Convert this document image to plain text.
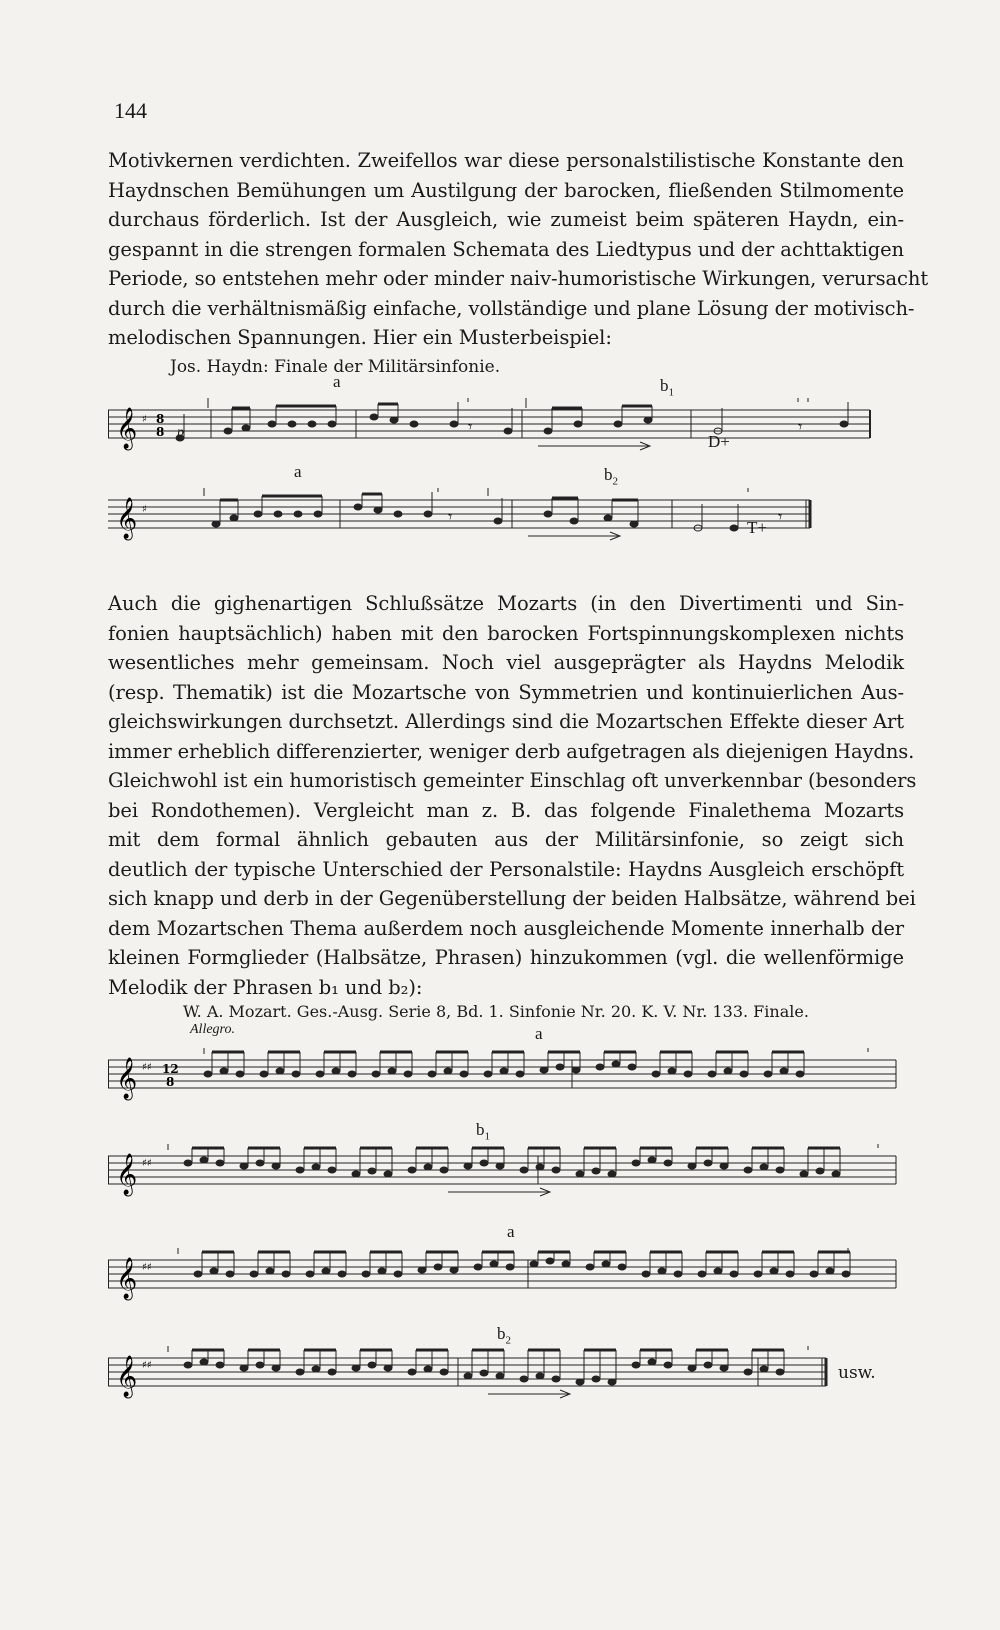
144
Motivkernen verdichten. Zweifellos war diese personalstilistische Konstante den
Haydnschen Bemühungen um Austilgung der barocken, fließenden Stilmomente
durchaus förderlich. Ist der Ausgleich, wie zumeist beim späteren Haydn, ein-
gespannt in die strengen formalen Schemata des Liedtypus und der achttaktigen
Periode, so entstehen mehr oder minder naiv-humoristische Wirkungen, verursacht
durch die verhältnismäßig einfache, vollständige und plane Lösung der motivisch-
melodischen Spannungen. Hier ein Musterbeispiel:
Jos. Haydn: Finale der Militärsinfonie.
a	$b_1$
𝄞 ♯ 8
8	𝄾	𝄾
p	D+
a	$b_2$
𝄞 ♯	𝄾	𝄾
T+
Auch die gighenartigen Schlußsätze Mozarts (in den Divertimenti und Sin-
fonien hauptsächlich) haben mit den barocken Fortspinnungskomplexen nichts
wesentliches mehr gemeinsam. Noch viel ausgeprägter als Haydns Melodik
(resp. Thematik) ist die Mozartsche von Symmetrien und kontinuierlichen Aus-
gleichswirkungen durchsetzt. Allerdings sind die Mozartschen Effekte dieser Art
immer erheblich differenzierter, weniger derb aufgetragen als diejenigen Haydns.
Gleichwohl ist ein humoristisch gemeinter Einschlag oft unverkennbar (besonders
bei Rondothemen). Vergleicht man z. B. das folgende Finalethema Mozarts
mit dem formal ähnlich gebauten aus der Militärsinfonie, so zeigt sich
deutlich der typische Unterschied der Personalstile: Haydns Ausgleich erschöpft
sich knapp und derb in der Gegenüberstellung der beiden Halbsätze, während bei
dem Mozartschen Thema außerdem noch ausgleichende Momente innerhalb der
kleinen Formglieder (Halbsätze, Phrasen) hinzukommen (vgl. die wellenförmige
Melodik der Phrasen b₁ und b₂):
W. A. Mozart. Ges.-Ausg. Serie 8, Bd. 1. Sinfonie Nr. 20. K. V. Nr. 133. Finale.
Allegro.	a
𝄞 ♯♯ 12
8
$b_1$
𝄞 ♯♯
a
𝄞 ♯♯
$b_2$
𝄞 ♯♯	usw.
